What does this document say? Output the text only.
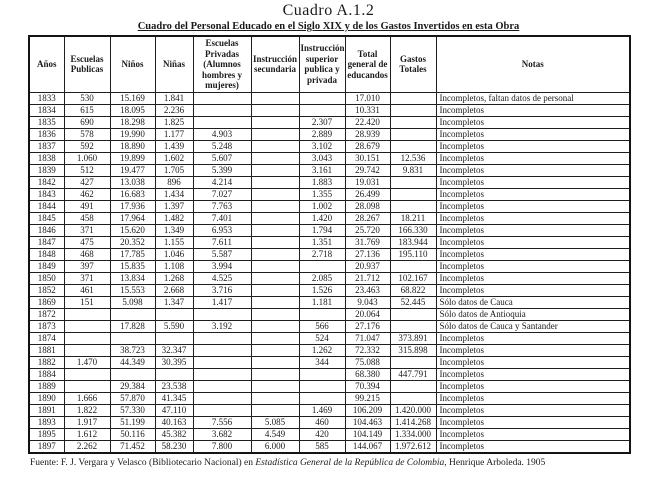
Cuadro A.1.2
Cuadro del Personal Educado en el Siglo XIX y de los Gastos Invertidos en esta Obra
Años	Escuelas Publicas	Niños	Niñas	Escuelas Privadas (Alumnos hombres y mujeres)	Instrucción secundaria	Instrucción superior publica y privada	Total general de educandos	Gastos Totales	Notas
1833	530	15.169	1.841				17.010		Incompletos, faltan datos de personal
1834	615	18.095	2.236				10.331		Incompletos
1835	690	18.298	1.825			2.307	22.420		Incompletos
1836	578	19.990	1.177	4.903		2.889	28.939		Incompletos
1837	592	18.890	1.439	5.248		3.102	28.679		Incompletos
1838	1.060	19.899	1.602	5.607		3.043	30.151	12.536	Incompletos
1839	512	19.477	1.705	5.399		3.161	29.742	9.831	Incompletos
1842	427	13.038	896	4.214		1.883	19.031		Incompletos
1843	462	16.683	1.434	7.027		1.355	26.499		Incompletos
1844	491	17.936	1.397	7.763		1.002	28.098		Incompletos
1845	458	17.964	1.482	7.401		1.420	28.267	18.211	Incompletos
1846	371	15.620	1.349	6.953		1.794	25.720	166.330	Incompletos
1847	475	20.352	1.155	7.611		1.351	31.769	183.944	Incompletos
1848	468	17.785	1.046	5.587		2.718	27.136	195.110	Incompletos
1849	397	15.835	1.108	3.994			20.937		Incompletos
1850	371	13.834	1.268	4.525		2.085	21.712	102.167	Incompletos
1852	461	15.553	2.668	3.716		1.526	23.463	68.822	Incompletos
1869	151	5.098	1.347	1.417		1.181	9.043	52.445	Sólo datos de Cauca
1872							20.064		Sólo datos de Antioquia
1873		17.828	5.590	3.192		566	27.176		Sólo datos de Cauca y Santander
1874						524	71.047	373.891	Incompletos
1881		38.723	32.347			1.262	72.332	315.898	Incompletos
1882	1.470	44.349	30.395			344	75.088		Incompletos
1884							68.380	447.791	Incompletos
1889		29.384	23.538				70.394		Incompletos
1890	1.666	57.870	41.345				99.215		Incompletos
1891	1.822	57.330	47.110			1.469	106.209	1.420.000	Incompletos
1893	1.917	51.199	40.163	7.556	5.085	460	104.463	1.414.268	Incompletos
1895	1.612	50.116	45.382	3.682	4.549	420	104.149	1.334.000	Incompletos
1897	2.262	71.452	58.230	7.800	6.000	585	144.067	1.972.612	Incompletos
Fuente: F. J. Vergara y Velasco (Bibliotecario Nacional) en Estadística General de la República de Colombia, Henrique Arboleda. 1905
